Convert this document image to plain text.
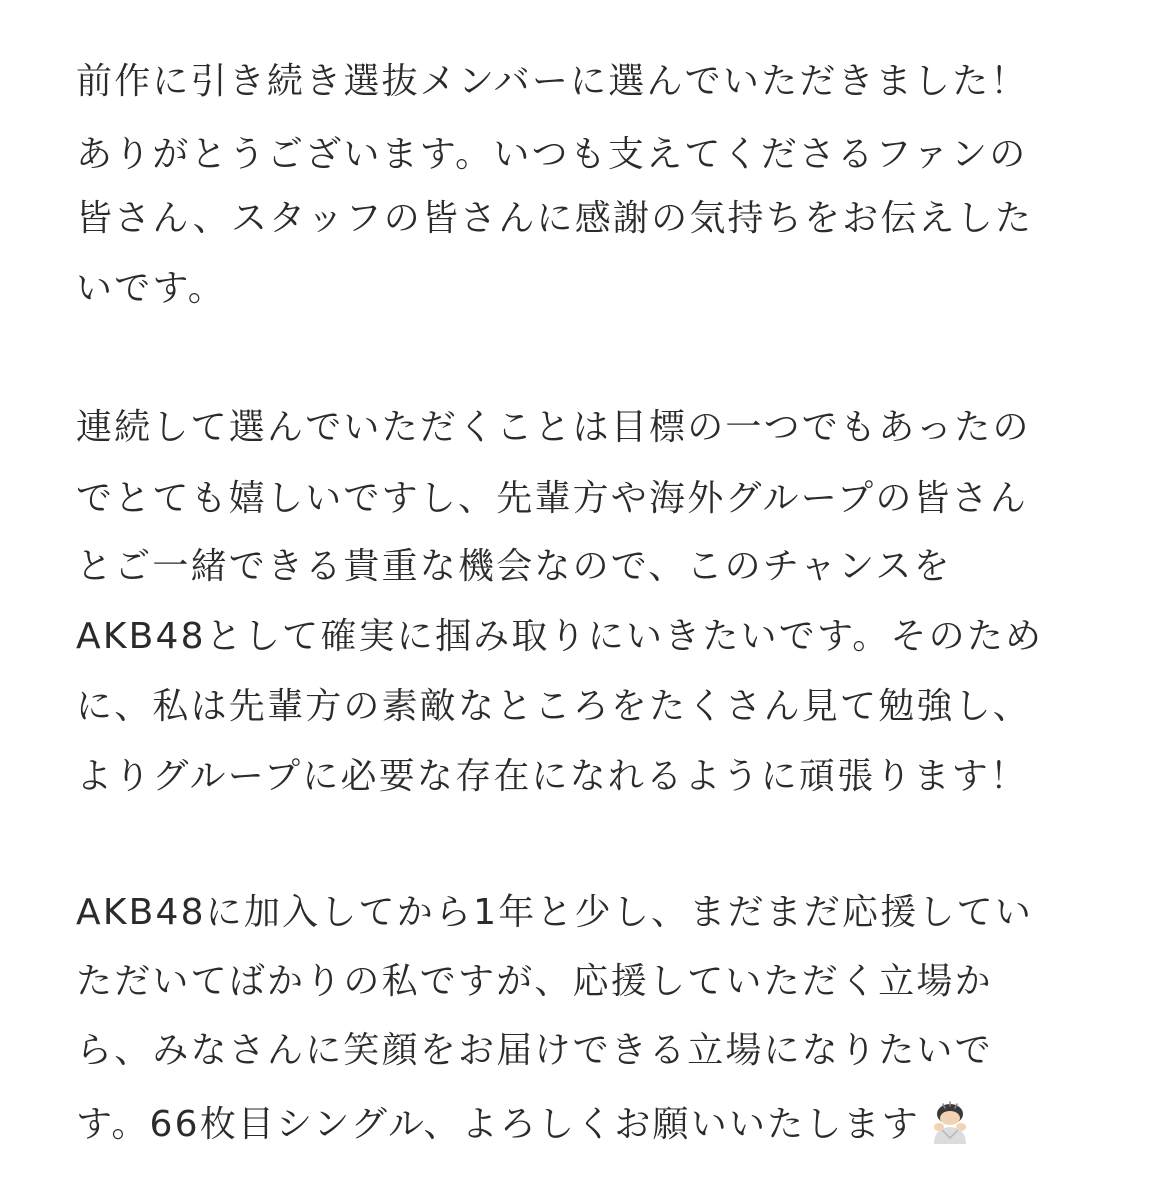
前作に引き続き選抜メンバーに選んでいただきました！
ありがとうございます。いつも支えてくださるファンの
皆さん、スタッフの皆さんに感謝の気持ちをお伝えした
いです。
連続して選んでいただくことは目標の一つでもあったの
でとても嬉しいですし、先輩方や海外グループの皆さん
とご一緒できる貴重な機会なので、このチャンスを
AKB48として確実に掴み取りにいきたいです。そのため
に、私は先輩方の素敵なところをたくさん見て勉強し、
よりグループに必要な存在になれるように頑張ります！
AKB48に加入してから1年と少し、まだまだ応援してい
ただいてばかりの私ですが、応援していただく立場か
ら、みなさんに笑顔をお届けできる立場になりたいで
す。66枚目シングル、よろしくお願いいたします
